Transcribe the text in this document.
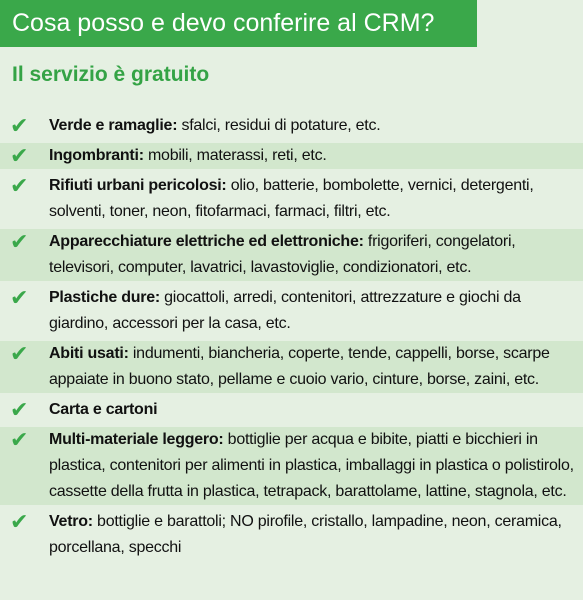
Cosa posso e devo conferire al CRM?
Il servizio è gratuito
✔ Verde e ramaglie: sfalci, residui di potature, etc.
✔ Ingombranti: mobili, materassi, reti, etc.
✔ Rifiuti urbani pericolosi: olio, batterie, bombolette, vernici, detergenti, solventi, toner, neon, fitofarmaci, farmaci, filtri, etc.
✔ Apparecchiature elettriche ed elettroniche: frigoriferi, congelatori, televisori, computer, lavatrici, lavastoviglie, condizionatori, etc.
✔ Plastiche dure: giocattoli, arredi, contenitori, attrezzature e giochi da giardino, accessori per la casa, etc.
✔ Abiti usati: indumenti, biancheria, coperte, tende, cappelli, borse, scarpe appaiate in buono stato, pellame e cuoio vario, cinture, borse, zaini, etc.
✔ Carta e cartoni
✔ Multi-materiale leggero: bottiglie per acqua e bibite, piatti e bicchieri in plastica, contenitori per alimenti in plastica, imballaggi in plastica o polistirolo, cassette della frutta in plastica, tetrapack, barattolame, lattine, stagnola, etc.
✔ Vetro: bottiglie e barattoli; NO pirofile, cristallo, lampadine, neon, ceramica, porcellana, specchi
